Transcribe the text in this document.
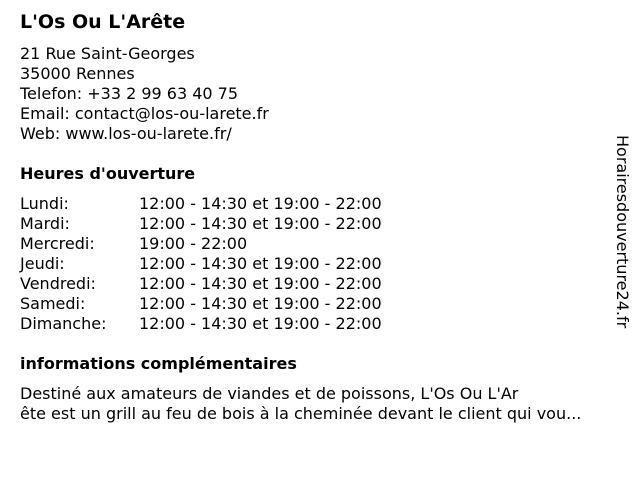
L'Os Ou L'Arête
21 Rue Saint-Georges
35000 Rennes
Telefon: +33 2 99 63 40 75
Email: contact@los-ou-larete.fr
Web: www.los-ou-larete.fr/
Heures d'ouverture
Lundi:	12:00 - 14:30 et 19:00 - 22:00
Mardi:	12:00 - 14:30 et 19:00 - 22:00
Mercredi:	19:00 - 22:00
Jeudi:	12:00 - 14:30 et 19:00 - 22:00
Vendredi:	12:00 - 14:30 et 19:00 - 22:00
Samedi:	12:00 - 14:30 et 19:00 - 22:00
Dimanche:	12:00 - 14:30 et 19:00 - 22:00
informations complémentaires
Destiné aux amateurs de viandes et de poissons, L'Os Ou L'Ar
ête est un grill au feu de bois à la cheminée devant le client qui vou...
Horairesdouverture24.fr
